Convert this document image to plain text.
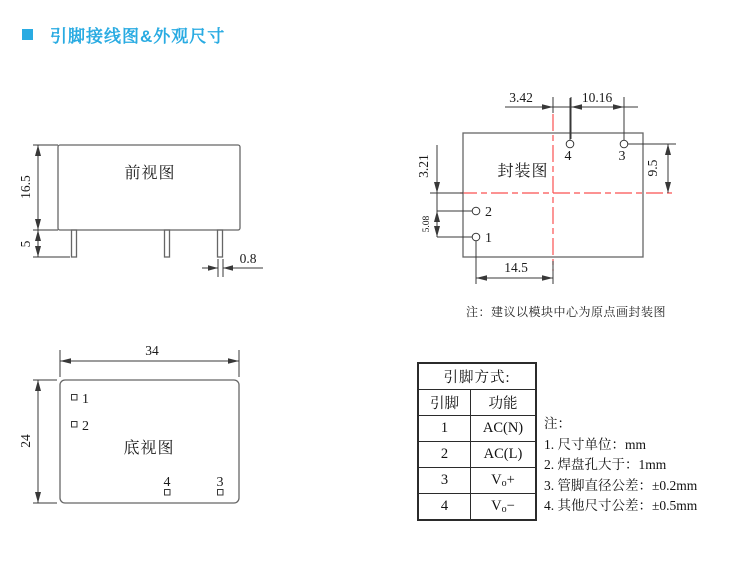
引脚接线图&外观尺寸
前视图
16.5
5
0.8
封装图
4	3
2
1
3.42	10.16
9.5
3.21
5.08
14.5
1
2
4	3
底视图
34
24
注：建议以模块中心为原点画封装图
引脚方式:	
引脚	功能
1	AC(N)
2	AC(L)
3	$V_o+$
4	$V_o-$
注：
1. 尺寸单位：mm
2. 焊盘孔大于：1mm
3. 管脚直径公差：±0.2mm
4. 其他尺寸公差：±0.5mm
